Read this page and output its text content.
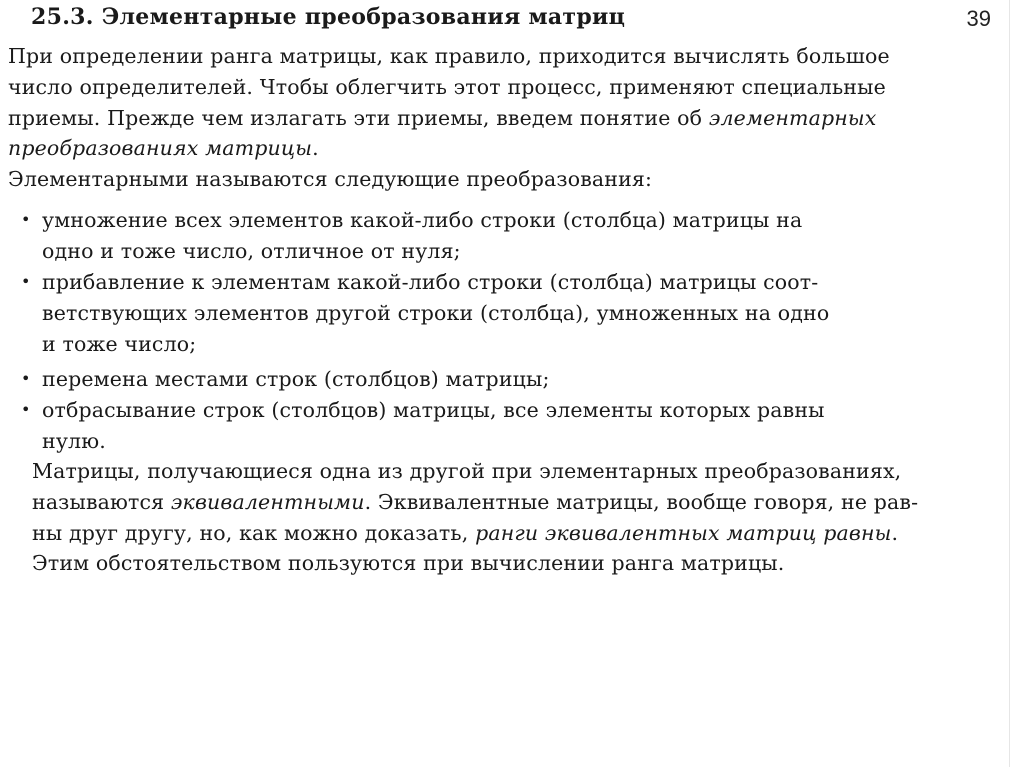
25.3. Элементарные преобразования матриц	39
При определении ранга матрицы, как правило, приходится вычислять большое
число определителей. Чтобы облегчить этот процесс, применяют специальные
приемы. Прежде чем излагать эти приемы, введем понятие об элементарных
преобразованиях матрицы.
Элементарными называются следующие преобразования:
• умножение всех элементов какой-либо строки (столбца) матрицы на
одно и тоже число, отличное от нуля;
• прибавление к элементам какой-либо строки (столбца) матрицы соот-
ветствующих элементов другой строки (столбца), умноженных на одно
и тоже число;
• перемена местами строк (столбцов) матрицы;
• отбрасывание строк (столбцов) матрицы, все элементы которых равны
нулю.
Матрицы, получающиеся одна из другой при элементарных преобразованиях,
называются эквивалентными. Эквивалентные матрицы, вообще говоря, не рав-
ны друг другу, но, как можно доказать, ранги эквивалентных матриц равны.
Этим обстоятельством пользуются при вычислении ранга матрицы.
